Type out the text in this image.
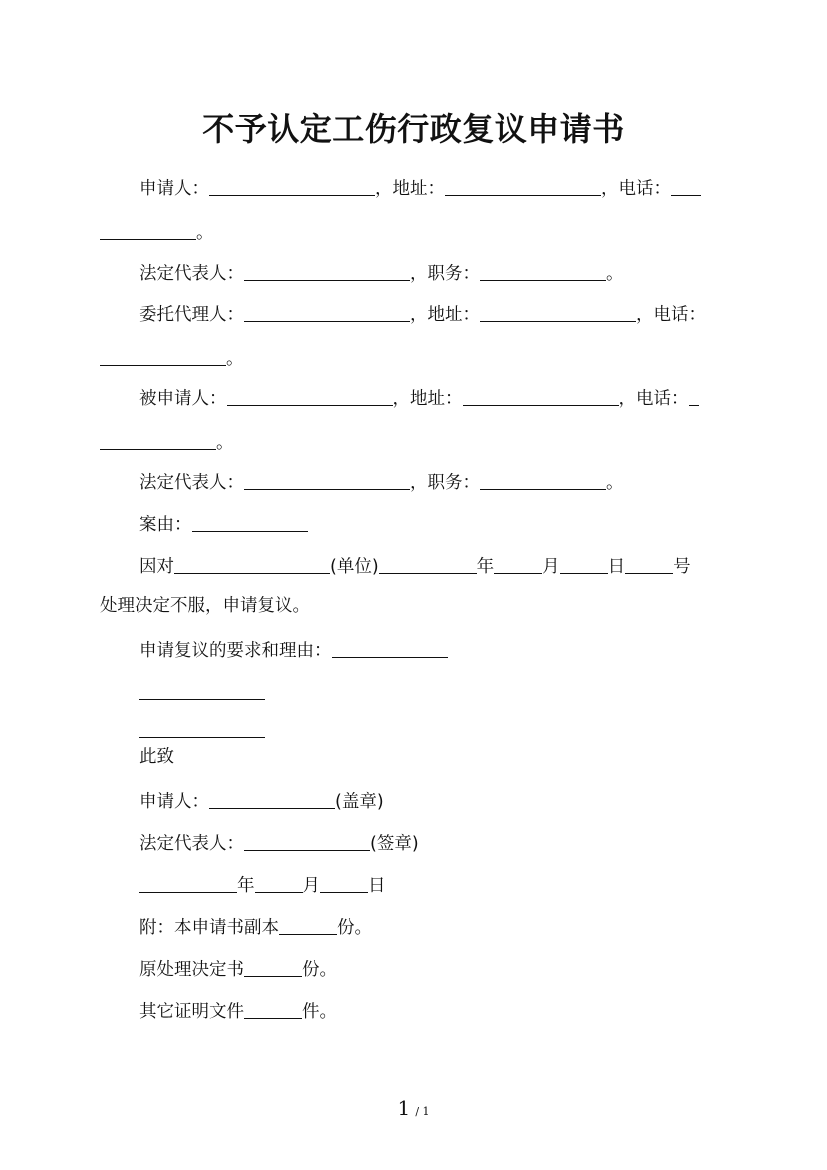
不予认定工伤行政复议申请书

申请人：	，地址：	，电话：

。

法定代表人：	，职务：	。

委托代理人：	，地址：	，电话：

。

被申请人：	，地址：	，电话：

。

法定代表人：	，职务：	。

案由：

因对	(单位)	年	月	日	号

处理决定不服，申请复议。

申请复议的要求和理由：

此致

申请人：	(盖章)

法定代表人：	(签章)

年	月	日

附：本申请书副本	份。

原处理决定书	份。

其它证明文件	件。

1 / 1
